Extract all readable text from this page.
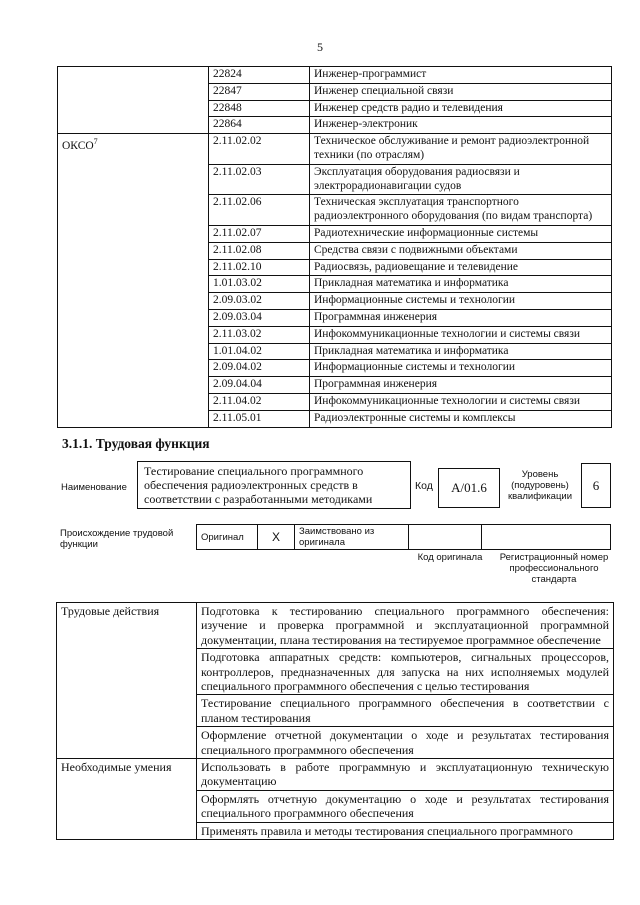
5
	22824	Инженер-программист
	22847	Инженер специальной связи
	22848	Инженер средств радио и телевидения
	22864	Инженер-электроник
ОКСО$^7$	2.11.02.02	Техническое обслуживание и ремонт радиоэлектронной техники (по отраслям)
	2.11.02.03	Эксплуатация оборудования радиосвязи и электрорадионавигации судов
	2.11.02.06	Техническая эксплуатация транспортного радиоэлектронного оборудования (по видам транспорта)
	2.11.02.07	Радиотехнические информационные системы
	2.11.02.08	Средства связи с подвижными объектами
	2.11.02.10	Радиосвязь, радиовещание и телевидение
	1.01.03.02	Прикладная математика и информатика
	2.09.03.02	Информационные системы и технологии
	2.09.03.04	Программная инженерия
	2.11.03.02	Инфокоммуникационные технологии и системы связи
	1.01.04.02	Прикладная математика и информатика
	2.09.04.02	Информационные системы и технологии
	2.09.04.04	Программная инженерия
	2.11.04.02	Инфокоммуникационные технологии и системы связи
	2.11.05.01	Радиоэлектронные системы и комплексы
3.1.1. Трудовая функция
Наименование
Тестирование специального программного обеспечения радиоэлектронных средств в соответствии с разработанными методиками
Код	A/01.6
Уровень (подуровень) квалификации
6
Происхождение трудовой функции
Оригинал	X	Заимствовано из оригинала		
Код оригинала	Регистрационный номер профессионального стандарта
Трудовые действия	Подготовка к тестированию специального программного обеспечения: изучение и проверка программной и эксплуатационной программной документации, плана тестирования на тестируемое программное обеспечение
	Подготовка аппаратных средств: компьютеров, сигнальных процессоров, контроллеров, предназначенных для запуска на них исполняемых модулей специального программного обеспечения с целью тестирования
	Тестирование специального программного обеспечения в соответствии с планом тестирования
	Оформление отчетной документации о ходе и результатах тестирования специального программного обеспечения
Необходимые умения	Использовать в работе программную и эксплуатационную техническую документацию
	Оформлять отчетную документацию о ходе и результатах тестирования специального программного обеспечения
	Применять правила и методы тестирования специального программного
